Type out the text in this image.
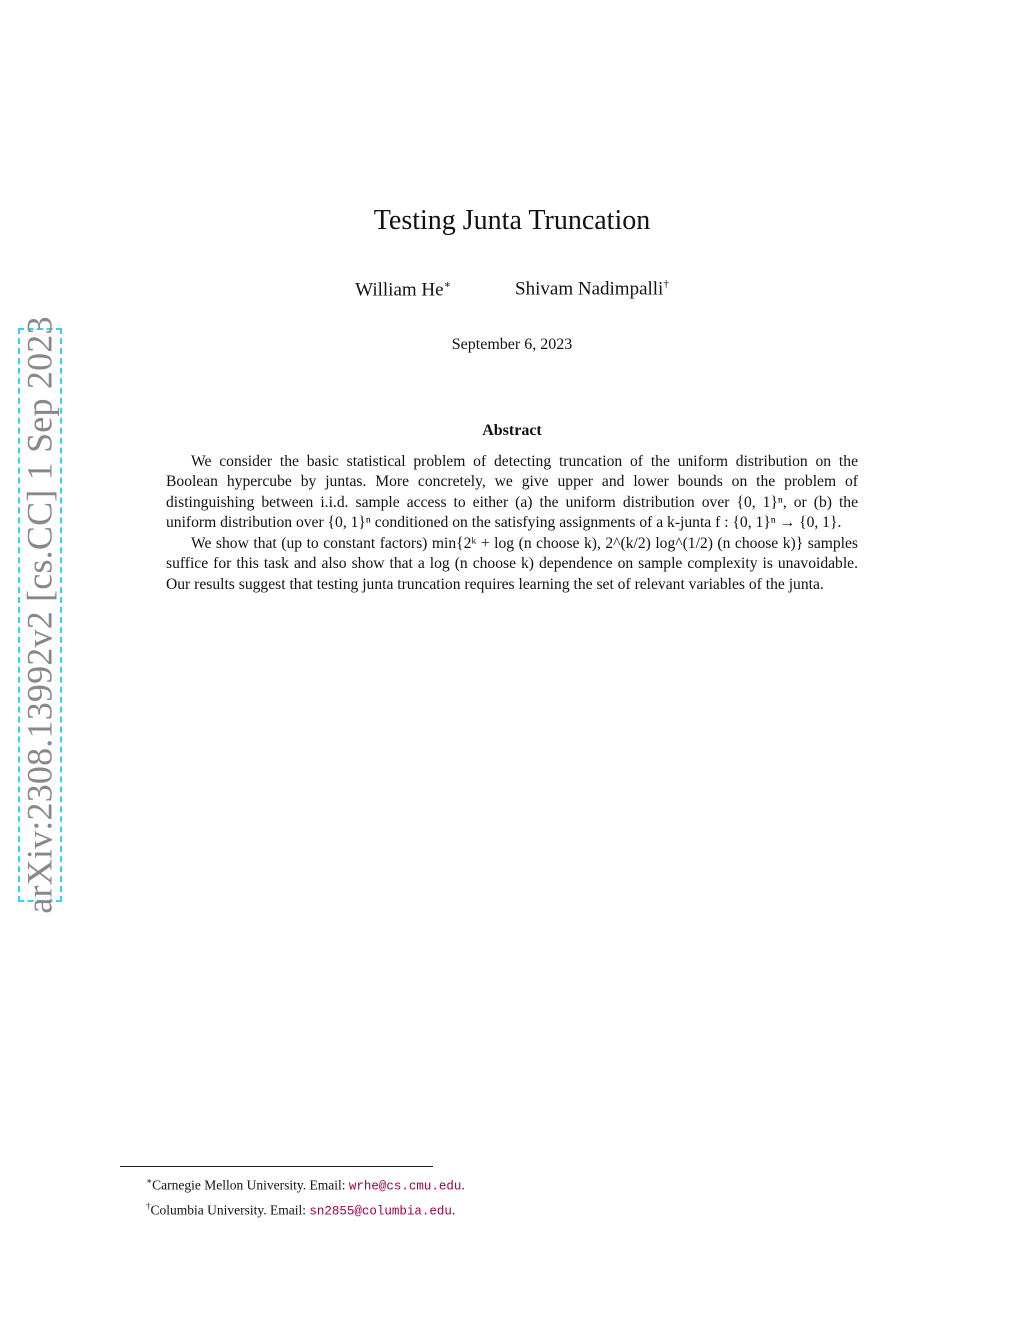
arXiv:2308.13992v2 [cs.CC] 1 Sep 2023
Testing Junta Truncation
William He∗	Shivam Nadimpalli†
September 6, 2023
Abstract

We consider the basic statistical problem of detecting truncation of the uniform distribution on the Boolean hypercube by juntas. More concretely, we give upper and lower bounds on the problem of distinguishing between i.i.d. sample access to either (a) the uniform distribution over {0, 1}ⁿ, or (b) the uniform distribution over {0, 1}ⁿ conditioned on the satisfying assignments of a k-junta f : {0, 1}ⁿ → {0, 1}.

We show that (up to constant factors) min{2ᵏ + log (n choose k), 2^(k/2) log^(1/2) (n choose k)} samples suffice for this task and also show that a log (n choose k) dependence on sample complexity is unavoidable. Our results suggest that testing junta truncation requires learning the set of relevant variables of the junta.

∗Carnegie Mellon University. Email: wrhe@cs.cmu.edu.
†Columbia University. Email: sn2855@columbia.edu.
